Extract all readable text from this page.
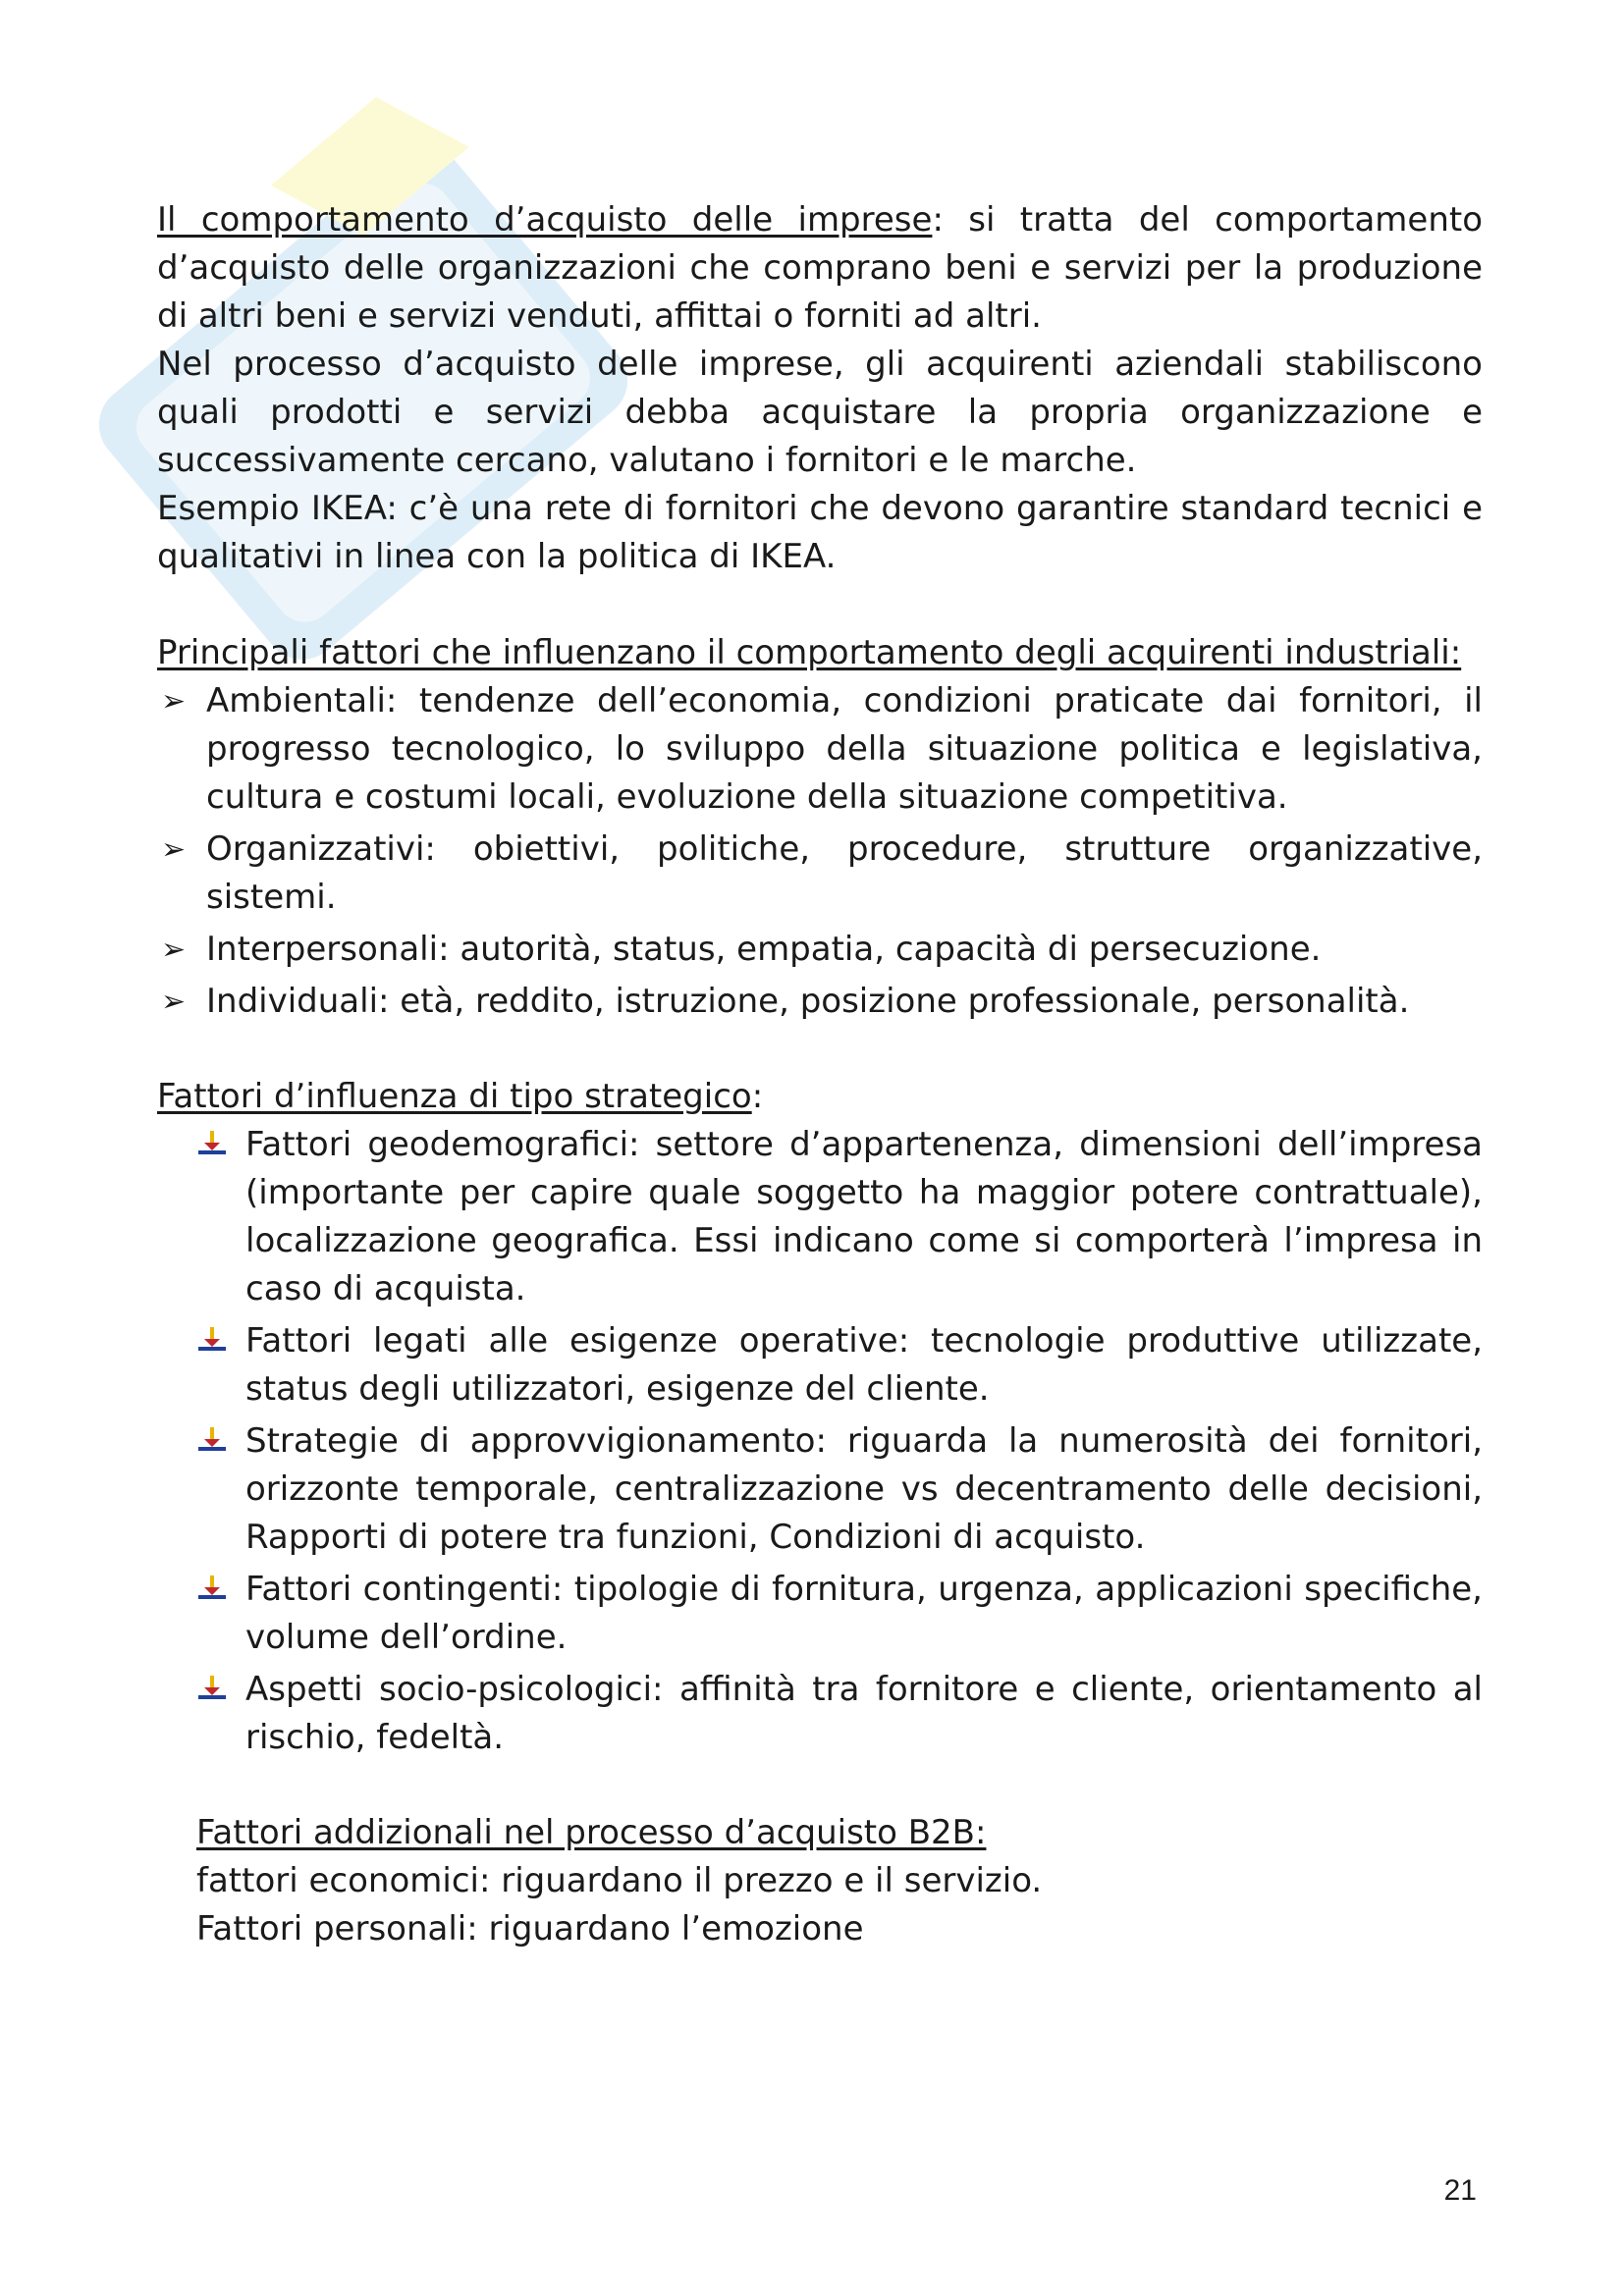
Il comportamento d’acquisto delle imprese: si tratta del comportamento d’acquisto delle organizzazioni che comprano beni e servizi per la produzione di altri beni e servizi venduti, affittai o forniti ad altri.

Nel processo d’acquisto delle imprese, gli acquirenti aziendali stabiliscono quali prodotti e servizi debba acquistare la propria organizzazione e successivamente cercano, valutano i fornitori e le marche.

Esempio IKEA: c’è una rete di fornitori che devono garantire standard tecnici e qualitativi in linea con la politica di IKEA.

Principali fattori che influenzano il comportamento degli acquirenti industriali:

➢ Ambientali: tendenze dell’economia, condizioni praticate dai fornitori, il progresso tecnologico, lo sviluppo della situazione politica e legislativa, cultura e costumi locali, evoluzione della situazione competitiva.
➢ Organizzativi: obiettivi, politiche, procedure, strutture organizzative, sistemi.
➢ Interpersonali: autorità, status, empatia, capacità di persecuzione.
➢ Individuali: età, reddito, istruzione, posizione professionale, personalità.

Fattori d’influenza di tipo strategico:

Fattori geodemografici: settore d’appartenenza, dimensioni dell’impresa (importante per capire quale soggetto ha maggior potere contrattuale), localizzazione geografica. Essi indicano come si comporterà l’impresa in caso di acquista.
Fattori legati alle esigenze operative: tecnologie produttive utilizzate, status degli utilizzatori, esigenze del cliente.
Strategie di approvvigionamento: riguarda la numerosità dei fornitori, orizzonte temporale, centralizzazione vs decentramento delle decisioni, Rapporti di potere tra funzioni, Condizioni di acquisto.
Fattori contingenti: tipologie di fornitura, urgenza, applicazioni specifiche, volume dell’ordine.
Aspetti socio-psicologici: affinità tra fornitore e cliente, orientamento al rischio, fedeltà.

Fattori addizionali nel processo d’acquisto B2B:

fattori economici: riguardano il prezzo e il servizio.

Fattori personali: riguardano l’emozione

21
